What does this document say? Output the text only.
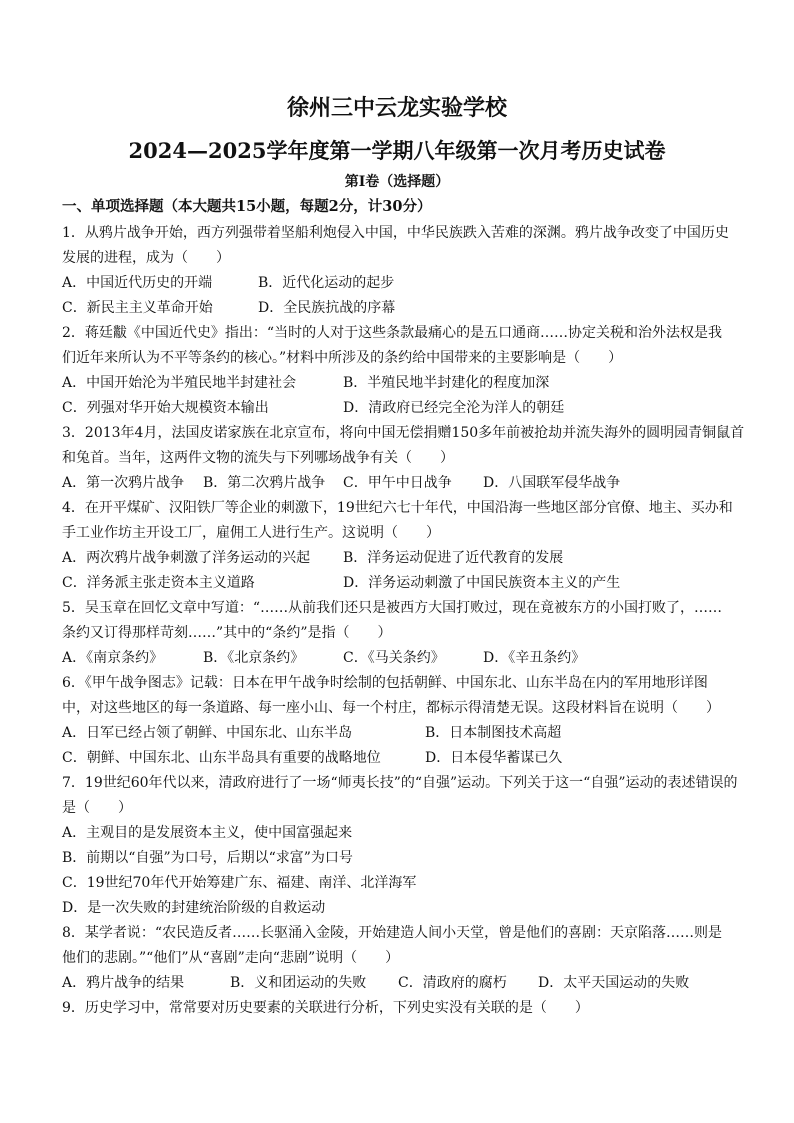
徐州三中云龙实验学校
2024—2025学年度第一学期八年级第一次月考历史试卷
第Ⅰ卷（选择题）
一、单项选择题（本大题共15小题，每题2分，计30分）
1．从鸦片战争开始，西方列强带着坚船利炮侵入中国，中华民族跌入苦难的深渊。鸦片战争改变了中国历史
发展的进程，成为（　　）
A．中国近代历史的开端	B．近代化运动的起步
C．新民主主义革命开始	D．全民族抗战的序幕
2．蒋廷黻《中国近代史》指出：“当时的人对于这些条款最痛心的是五口通商……协定关税和治外法权是我
们近年来所认为不平等条约的核心。”材料中所涉及的条约给中国带来的主要影响是（　　）
A．中国开始沦为半殖民地半封建社会	B．半殖民地半封建化的程度加深
C．列强对华开始大规模资本输出	D．清政府已经完全沦为洋人的朝廷
3．2013年4月，法国皮诺家族在北京宣布，将向中国无偿捐赠150多年前被抢劫并流失海外的圆明园青铜鼠首
和兔首。当年，这两件文物的流失与下列哪场战争有关（　　）
A．第一次鸦片战争	B．第二次鸦片战争	C．甲午中日战争	D．八国联军侵华战争
4．在开平煤矿、汉阳铁厂等企业的刺激下，19世纪六七十年代，中国沿海一些地区部分官僚、地主、买办和
手工业作坊主开设工厂，雇佣工人进行生产。这说明（　　）
A．两次鸦片战争刺激了洋务运动的兴起	B．洋务运动促进了近代教育的发展
C．洋务派主张走资本主义道路	D．洋务运动刺激了中国民族资本主义的产生
5．吴玉章在回忆文章中写道：“……从前我们还只是被西方大国打败过，现在竟被东方的小国打败了，……
条约又订得那样苛刻……”其中的“条约”是指（　　）
A．《南京条约》	B．《北京条约》	C．《马关条约》	D．《辛丑条约》
6．《甲午战争图志》记载：日本在甲午战争时绘制的包括朝鲜、中国东北、山东半岛在内的军用地形详图
中，对这些地区的每一条道路、每一座小山、每一个村庄，都标示得清楚无误。这段材料旨在说明（　　）
A．日军已经占领了朝鲜、中国东北、山东半岛	B．日本制图技术高超
C．朝鲜、中国东北、山东半岛具有重要的战略地位	D．日本侵华蓄谋已久
7．19世纪60年代以来，清政府进行了一场“师夷长技”的“自强”运动。下列关于这一“自强”运动的表述错误的
是（　　）
A．主观目的是发展资本主义，使中国富强起来
B．前期以“自强”为口号，后期以“求富”为口号
C．19世纪70年代开始筹建广东、福建、南洋、北洋海军
D．是一次失败的封建统治阶级的自救运动
8．某学者说：“农民造反者……长驱涌入金陵，开始建造人间小天堂，曾是他们的喜剧：天京陷落……则是
他们的悲剧。”“他们”从“喜剧”走向“悲剧”说明（　　）
A．鸦片战争的结果	B．义和团运动的失败	C．清政府的腐朽	D．太平天国运动的失败
9．历史学习中，常常要对历史要素的关联进行分析，下列史实没有关联的是（　　）
